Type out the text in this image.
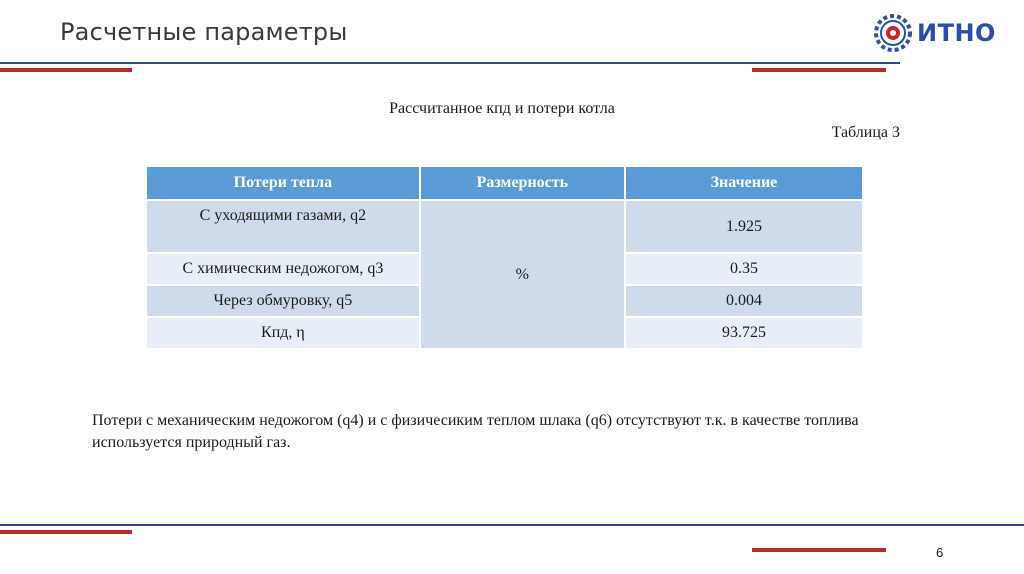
Расчетные параметры	ИТНО
Рассчитанное кпд и потери котла
Таблица 3
Потери тепла	Размерность	Значение
С уходящими газами, q2	%	1.925
С химическим недожогом, q3		0.35
Через обмуровку, q5		0.004
Кпд, η		93.725
Потери с механическим недожогом (q4) и с физичесиким теплом шлака (q6) отсутствуют т.к. в качестве топлива используется природный газ.
6
